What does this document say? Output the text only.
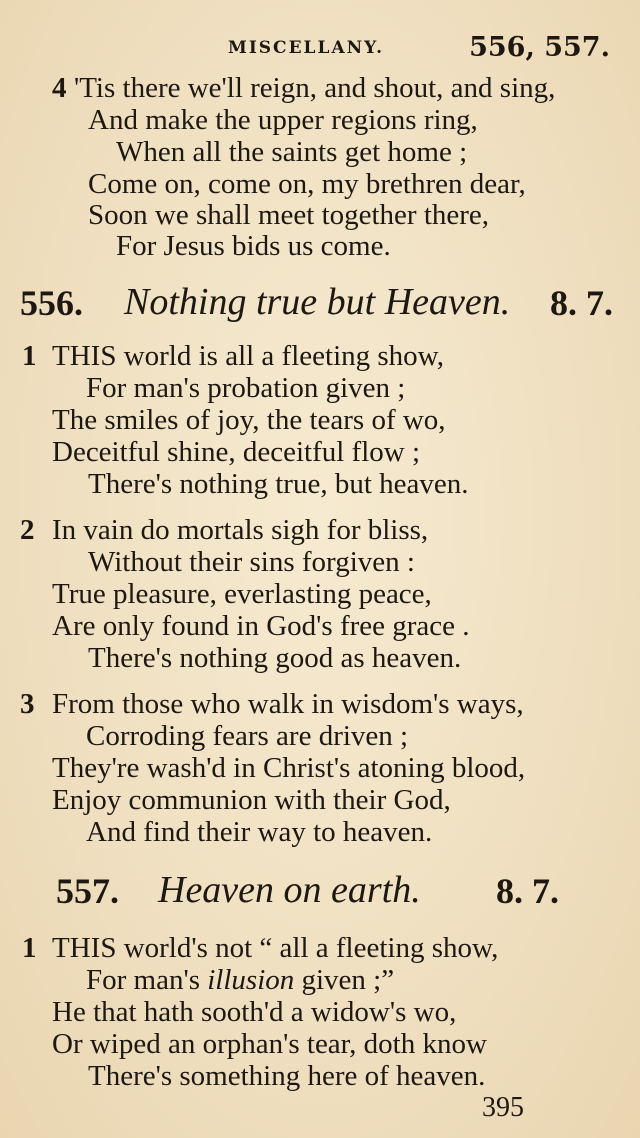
MISCELLANY.	556, 557.
4 'Tis there we'll reign, and shout, and sing,
And make the upper regions ring,
When all the saints get home ;
Come on, come on, my brethren dear,
Soon we shall meet together there,
For Jesus bids us come.
556. Nothing true but Heaven. 8. 7.
1 THIS world is all a fleeting show,
For man's probation given ;
The smiles of joy, the tears of wo,
Deceitful shine, deceitful flow ;
There's nothing true, but heaven.
2 In vain do mortals sigh for bliss,
Without their sins forgiven :
True pleasure, everlasting peace,
Are only found in God's free grace .
There's nothing good as heaven.
3 From those who walk in wisdom's ways,
Corroding fears are driven ;
They're wash'd in Christ's atoning blood,
Enjoy communion with their God,
And find their way to heaven.
557. Heaven on earth. 8. 7.
1 THIS world's not “ all a fleeting show,
For man's illusion given ;”
He that hath sooth'd a widow's wo,
Or wiped an orphan's tear, doth know
There's something here of heaven.
395
